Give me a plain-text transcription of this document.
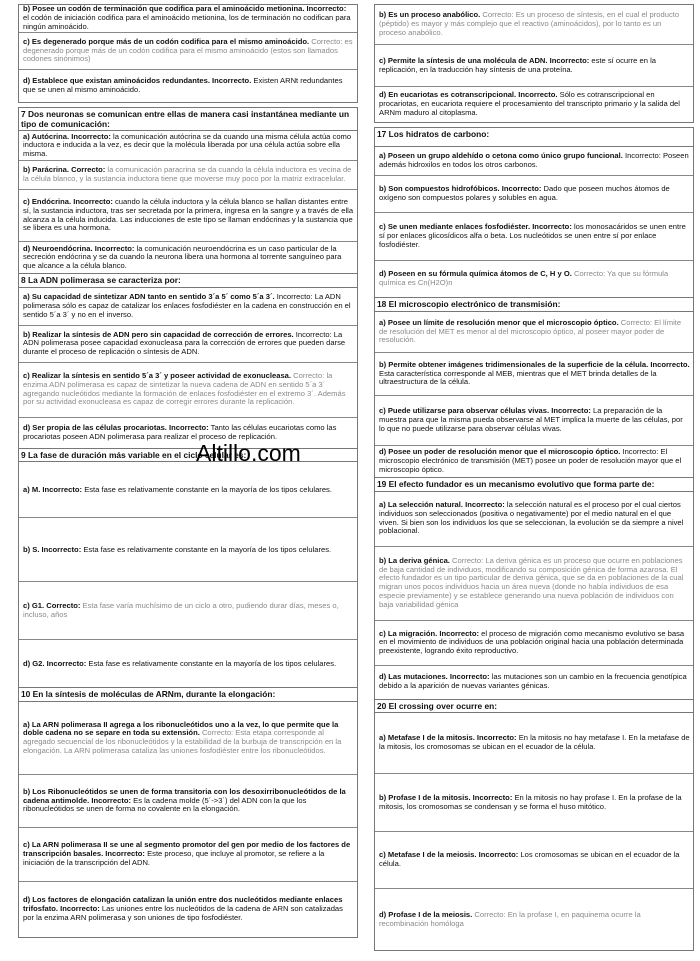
b) Posee un codón de terminación que codifica para el aminoácido metionina. Incorrecto: el codón de iniciación codifica para el aminoácido metionina, los de terminación no codifican para ningún aminoácido.
c) Es degenerado porque más de un codón codifica para el mismo aminoácido. Correcto: es degenerado porque más de un codón codifica para el mismo aminoácido (estos son llamados codones sinónimos)
d) Establece que existan aminoácidos redundantes. Incorrecto. Existen ARNt redundantes que se unen al mismo aminoácido.
7 Dos neuronas se comunican entre ellas de manera casi instantánea mediante un tipo de comunicación:
a) Autócrina. Incorrecto: la comunicación autócrina se da cuando una misma célula actúa como inductora e inducida a la vez, es decir que la molécula liberada por una célula actúa sobre ella misma.
b) Parácrina. Correcto: la comunicación paracrina se da cuando la célula inductora es vecina de la célula blanco, y la sustancia inductora tiene que moverse muy poco por la matriz extracelular.
c) Endócrina. Incorrecto: cuando la célula inductora y la célula blanco se hallan distantes entre sí, la sustancia inductora, tras ser secretada por la primera, ingresa en la sangre y a través de ella alcanza a la célula inducida. Las inducciones de este tipo se llaman endócrinas y la sustancia que se libera es una hormona.
d) Neuroendócrina. Incorrecto: la comunicación neuroendócrina es un caso particular de la secreción endócrina y se da cuando la neurona libera una hormona al torrente sanguíneo para que alcance a la célula blanco.
8 La ADN polimerasa se caracteriza por:
a) Su capacidad de sintetizar ADN tanto en sentido 3´a 5´ como 5´a 3´. Incorrecto: La ADN polimerasa sólo es capaz de catalizar los enlaces fosfodiéster en la cadena en construcción en el sentido 5´a 3´ y no en el inverso.
b) Realizar la síntesis de ADN pero sin capacidad de corrección de errores. Incorrecto: La ADN polimerasa posee capacidad exonucleasa para la corrección de errores que pueden darse durante el proceso de replicación o síntesis de ADN.
c) Realizar la síntesis en sentido 5´a 3´ y poseer actividad de exonucleasa. Correcto: la enzima ADN polimerasa es capaz de sintetizar la nueva cadena de ADN en sentido 5´a 3´ agregando nucleótidos mediante la formación de enlaces fosfodiéster en el extremo 3´. Además por su actividad exonucleasa es capaz de corregir errores durante la replicación.
d) Ser propia de las células procariotas. Incorrecto: Tanto las células eucariotas como las procariotas poseen ADN polimerasa para realizar el proceso de replicación.
9 La fase de duración más variable en el ciclo celular es:
a) M. Incorrecto: Esta fase es relativamente constante en la mayoría de los tipos celulares.
b) S. Incorrecto: Esta fase es relativamente constante en la mayoría de los tipos celulares.
c) G1. Correcto: Esta fase varía muchísimo de un ciclo a otro, pudiendo durar días, meses o, incluso, años
d) G2. Incorrecto: Esta fase es relativamente constante en la mayoría de los tipos celulares.
10 En la síntesis de moléculas de ARNm, durante la elongación:
a) La ARN polimerasa II agrega a los ribonucleótidos uno a la vez, lo que permite que la doble cadena no se separe en toda su extensión. Correcto: Esta etapa corresponde al agregado secuencial de los ribonucleótidos y la estabilidad de la burbuja de transcripción en la elongación. La ARN polimerasa cataliza las uniones fosfodiéster entre los ribonucleótidos.
b) Los Ribonucleótidos se unen de forma transitoria con los desoxirribonucleótidos de la cadena antimolde. Incorrecto: Es la cadena molde (5´->3´) del ADN con la que los ribonucleótidos se unen de forma no covalente en la elongación.
c) La ARN polimerasa II se une al segmento promotor del gen por medio de los factores de transcripción basales. Incorrecto: Este proceso, que incluye al promotor, se refiere a la iniciación de la transcripción del ADN.
d) Los factores de elongación catalizan la unión entre dos nucleótidos mediante enlaces trifosfato. Incorrecto: Las uniones entre los nucleótidos de la cadena de ARN son catalizadas por la enzima ARN polimerasa y son uniones de tipo fosfodiéster.
b) Es un proceso anabólico. Correcto: Es un proceso de síntesis, en el cual el producto (péptido) es mayor y más complejo que el reactivo (aminoácidos), por lo tanto es un proceso anabólico.
c) Permite la síntesis de una molécula de ADN. Incorrecto: este sí ocurre en la replicación, en la traducción hay síntesis de una proteína.
d) En eucariotas es cotranscripcional. Incorrecto. Sólo es cotranscripcional en procariotas, en eucariota requiere el procesamiento del transcripto primario y la salida del ARNm maduro al citoplasma.
17 Los hidratos de carbono:
a) Poseen un grupo aldehído o cetona como único grupo funcional. Incorrecto: Poseen además hidroxilos en todos los otros carbonos.
b) Son compuestos hidrofóbicos. Incorrecto: Dado que poseen muchos átomos de oxígeno son compuestos polares y solubles en agua.
c) Se unen mediante enlaces fosfodiéster. Incorrecto: los monosacáridos se unen entre sí por enlaces glicosídicos alfa o beta. Los nucleótidos se unen entre sí por enlace fosfodiéster.
d) Poseen en su fórmula química átomos de C, H y O. Correcto: Ya que su fórmula química es Cn(H2O)n
18 El microscopio electrónico de transmisión:
a) Posee un límite de resolución menor que el microscopio óptico. Correcto: El límite de resolución del MET es menor al del microscopio óptico, al poseer mayor poder de resolución.
b) Permite obtener imágenes tridimensionales de la superficie de la célula. Incorrecto. Esta característica corresponde al MEB, mientras que el MET brinda detalles de la ultraestructura de la célula.
c) Puede utilizarse para observar células vivas. Incorrecto: La preparación de la muestra para que la misma pueda observarse al MET implica la muerte de las células, por lo que no puede utilizarse para observar células vivas.
d) Posee un poder de resolución menor que el microscopio óptico. Incorrecto: El microscopio electrónico de transmisión (MET) posee un poder de resolución mayor que el microscopio óptico.
19 El efecto fundador es un mecanismo evolutivo que forma parte de:
a) La selección natural. Incorrecto: la selección natural es el proceso por el cual ciertos individuos son seleccionados (positiva o negativamente) por el medio natural en el que viven. Si bien son los individuos los que se seleccionan, la evolución se da siempre a nivel poblacional.
b) La deriva génica. Correcto: La deriva génica es un proceso que ocurre en poblaciones de baja cantidad de individuos, modificando su composición génica de forma azarosa. El efecto fundador es un tipo particular de deriva génica, que se da en poblaciones de la cual migran unos pocos individuos hacia un área nueva (donde no había individuos de esa especie previamente) y se establece generando una nueva población de individuos con baja variabilidad génica
c) La migración. Incorrecto: el proceso de migración como mecanismo evolutivo se basa en el movimiento de individuos de una población original hacia una población determinada preexistente, logrando éxito reproductivo.
d) Las mutaciones. Incorrecto: las mutaciones son un cambio en la frecuencia genotípica debido a la aparición de nuevas variantes génicas.
20 El crossing over ocurre en:
a) Metafase I de la mitosis. Incorrecto: En la mitosis no hay metafase I. En la metafase de la mitosis, los cromosomas se ubican en el ecuador de la célula.
b) Profase I de la mitosis. Incorrecto: En la mitosis no hay profase I. En la profase de la mitosis, los cromosomas se condensan y se forma el huso mitótico.
c) Metafase I de la meiosis. Incorrecto: Los cromosomas se ubican en el ecuador de la célula.
d) Profase I de la meiosis. Correcto: En la profase I, en paquinema ocurre la recombinación homóloga
Altillo.com
